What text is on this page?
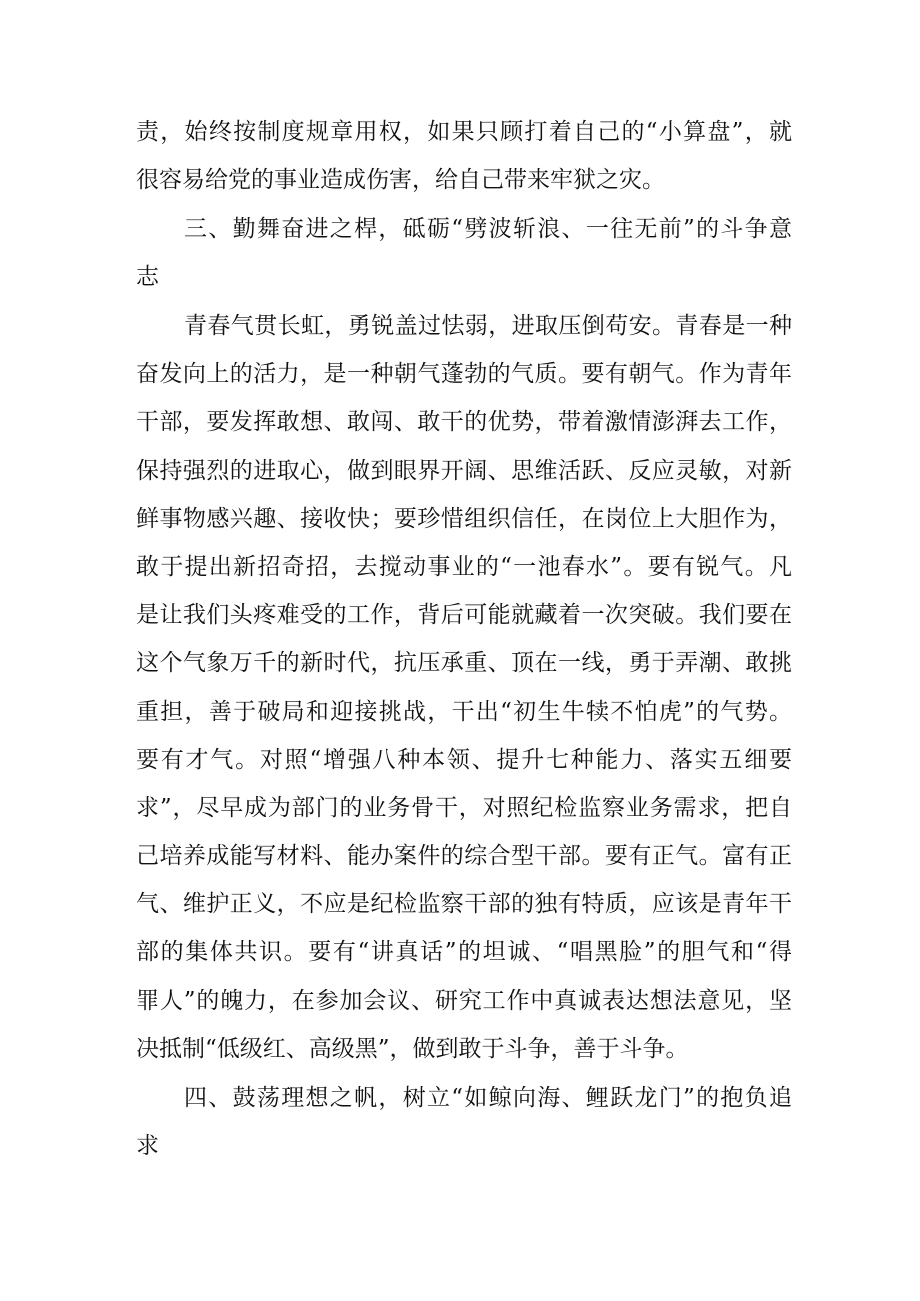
责，始终按制度规章用权，如果只顾打着自己的“小算盘”，就
很容易给党的事业造成伤害，给自己带来牢狱之灾。
三、勤舞奋进之桿，砥砺“劈波斩浪、一往无前”的斗争意
志
青春气贯长虹，勇锐盖过怯弱，进取压倒苟安。青春是一种
奋发向上的活力，是一种朝气蓬勃的气质。要有朝气。作为青年
干部，要发挥敢想、敢闯、敢干的优势，带着激情澎湃去工作，
保持强烈的进取心，做到眼界开阔、思维活跃、反应灵敏，对新
鲜事物感兴趣、接收快；要珍惜组织信任，在岗位上大胆作为，
敢于提出新招奇招，去搅动事业的“一池春水”。要有锐气。凡
是让我们头疼难受的工作，背后可能就藏着一次突破。我们要在
这个气象万千的新时代，抗压承重、顶在一线，勇于弄潮、敢挑
重担，善于破局和迎接挑战，干出“初生牛犊不怕虎”的气势。
要有才气。对照“增强八种本领、提升七种能力、落实五细要
求”，尽早成为部门的业务骨干，对照纪检监察业务需求，把自
己培养成能写材料、能办案件的综合型干部。要有正气。富有正
气、维护正义，不应是纪检监察干部的独有特质，应该是青年干
部的集体共识。要有“讲真话”的坦诚、“唱黑脸”的胆气和“得
罪人”的魄力，在参加会议、研究工作中真诚表达想法意见，坚
决抵制“低级红、高级黑”，做到敢于斗争，善于斗争。
四、鼓荡理想之帆，树立“如鲸向海、鲤跃龙门”的抱负追
求
